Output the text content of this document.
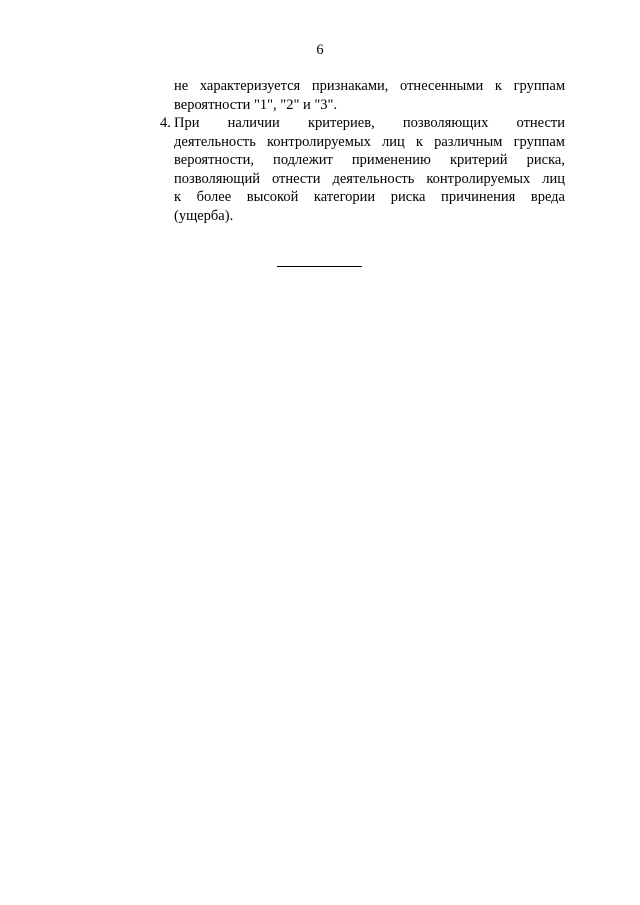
6

не характеризуется признаками, отнесенными к группам
вероятности "1", "2" и "3".

4. При наличии критериев, позволяющих отнести
деятельность контролируемых лиц к различным группам
вероятности, подлежит применению критерий риска,
позволяющий отнести деятельность контролируемых лиц
к более высокой категории риска причинения вреда
(ущерба).
